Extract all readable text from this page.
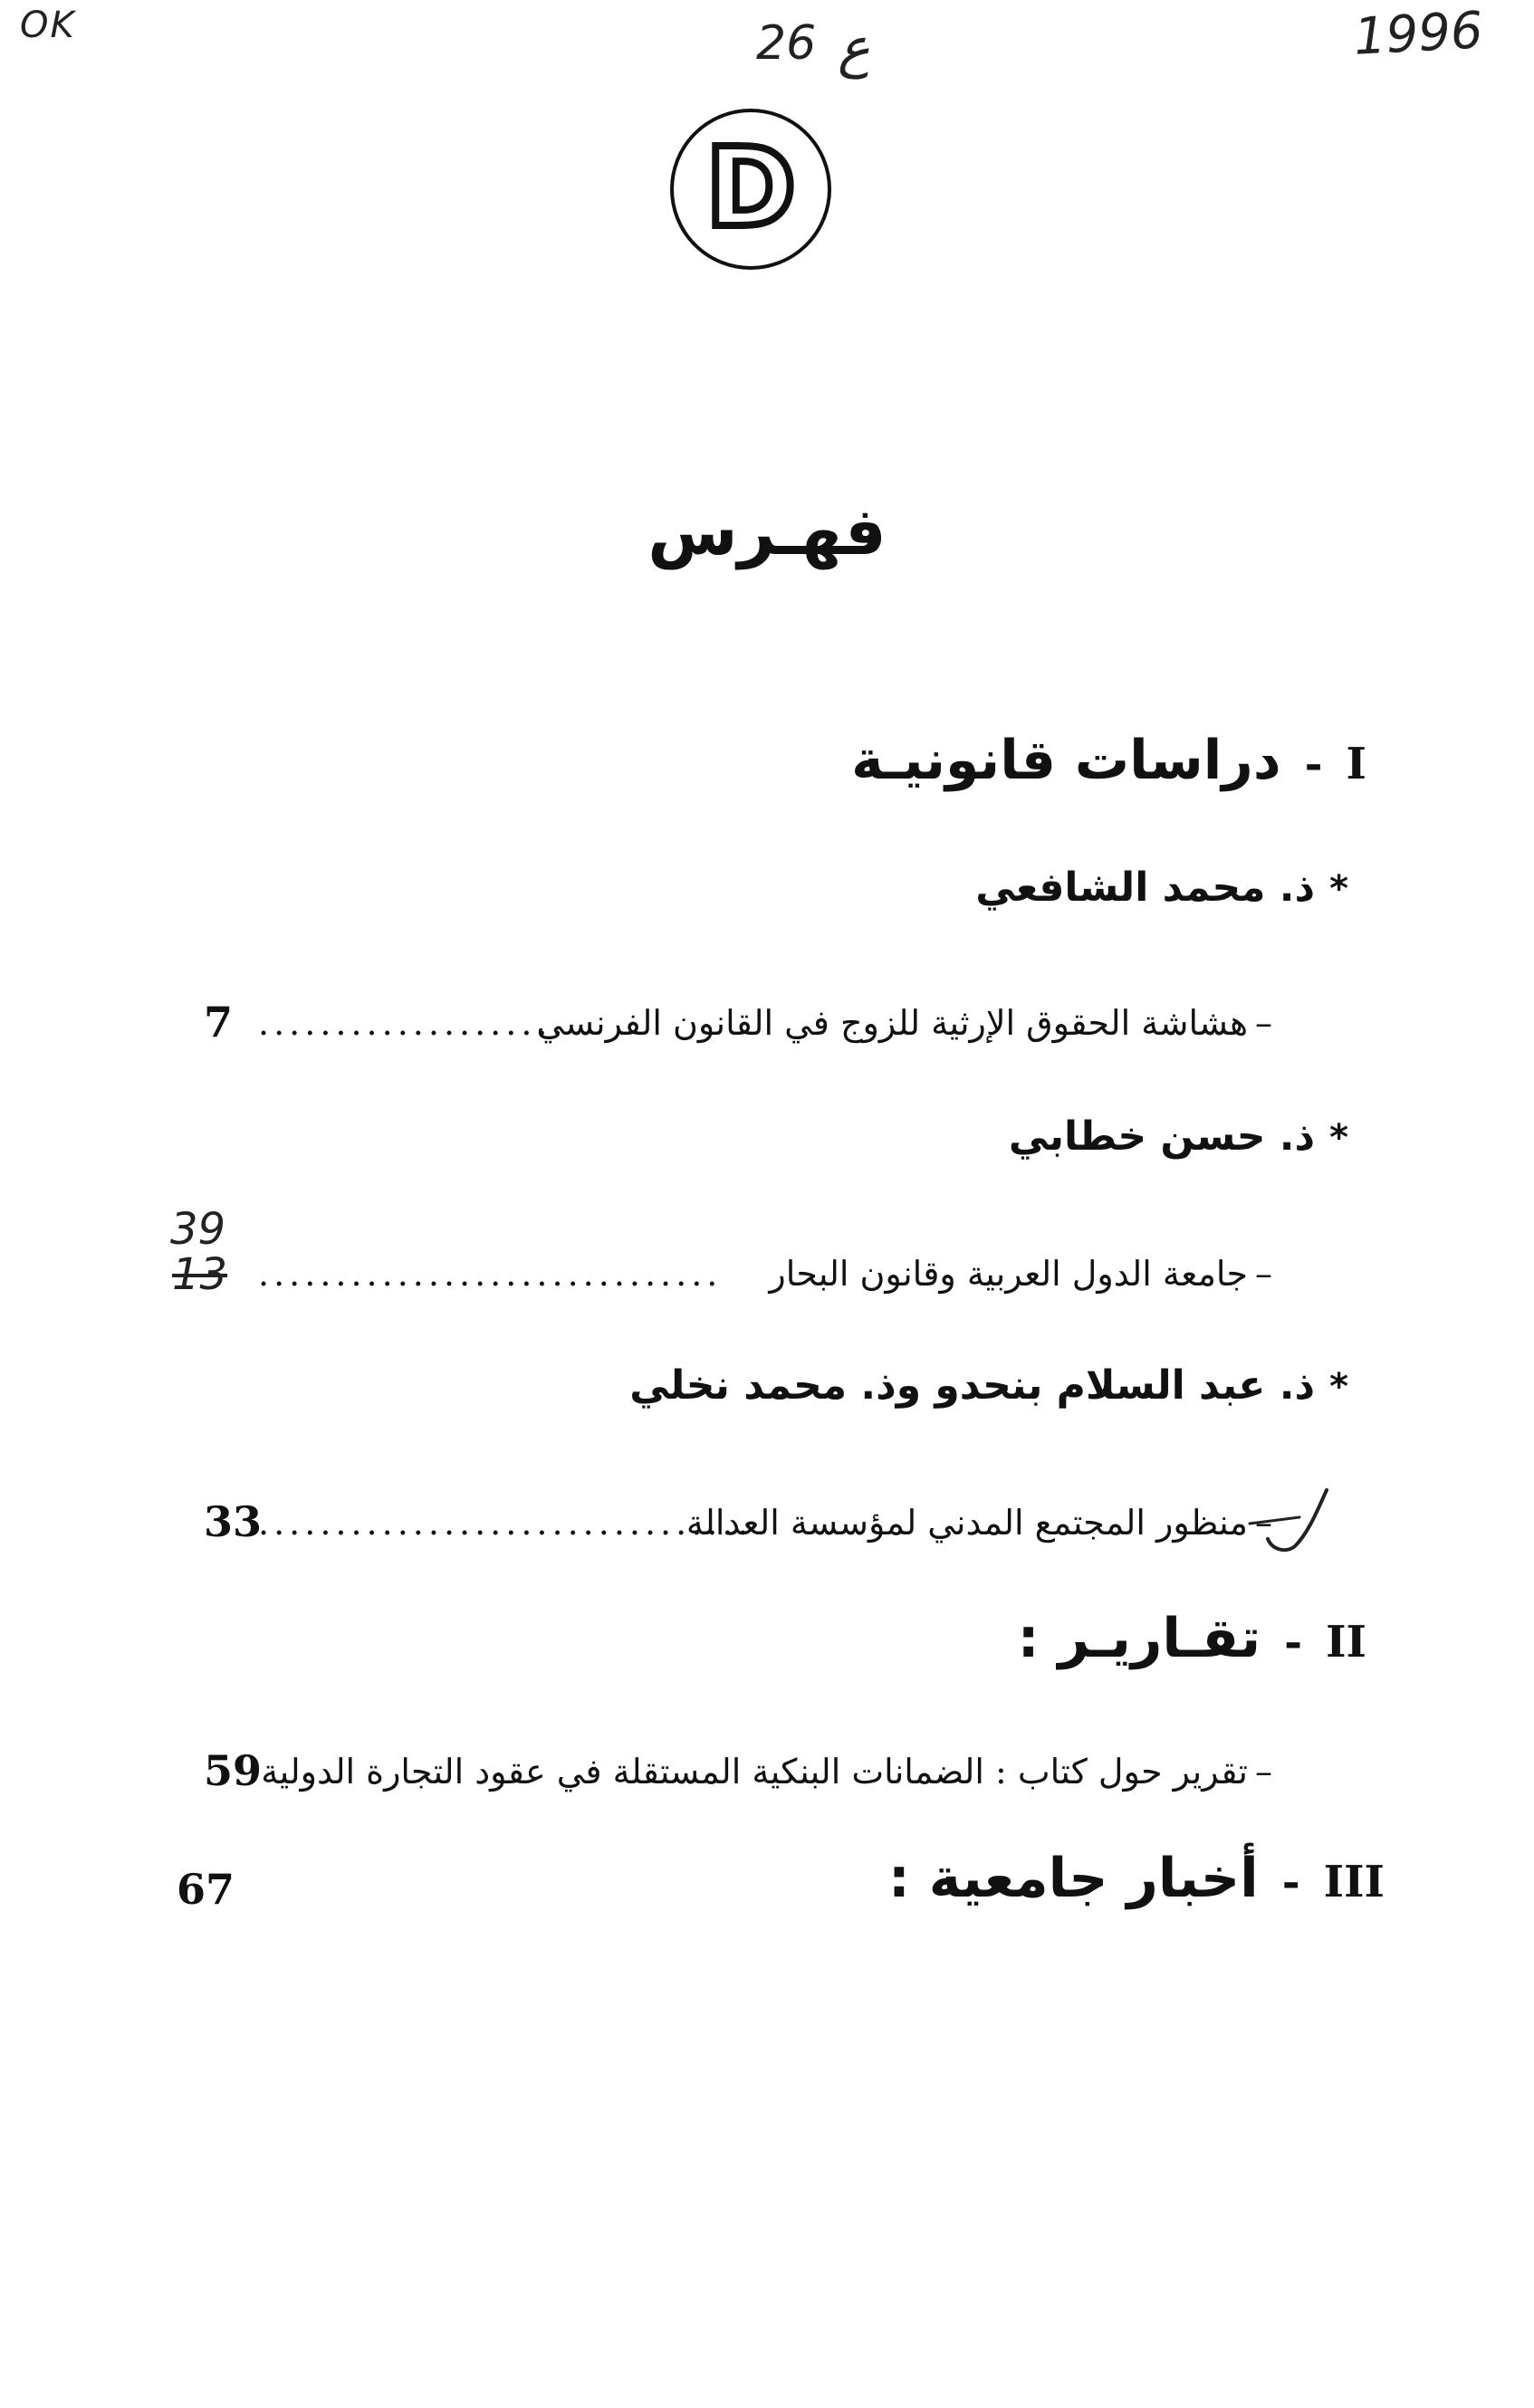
OK	26 ع	1996
D
فهـرس
I
-
دراسات قانونيـة
*
ذ. محمد الشافعي
–
هشاشة الحقوق الإرثية للزوج في القانون الفرنسي
....................
7
*
ذ. حسن خطابي
–
جامعة الدول العربية وقانون البحار
..............................
39
13
*
ذ. عبد السلام بنحدو وذ. محمد نخلي
–
منظور المجتمع المدني لمؤسسة العدالة
................................
33
II
-
تقـاريـر :
–
تقرير حول كتاب : الضمانات البنكية المستقلة في عقود التجارة الدولية
59
III
-
أخبار جامعية :
67
